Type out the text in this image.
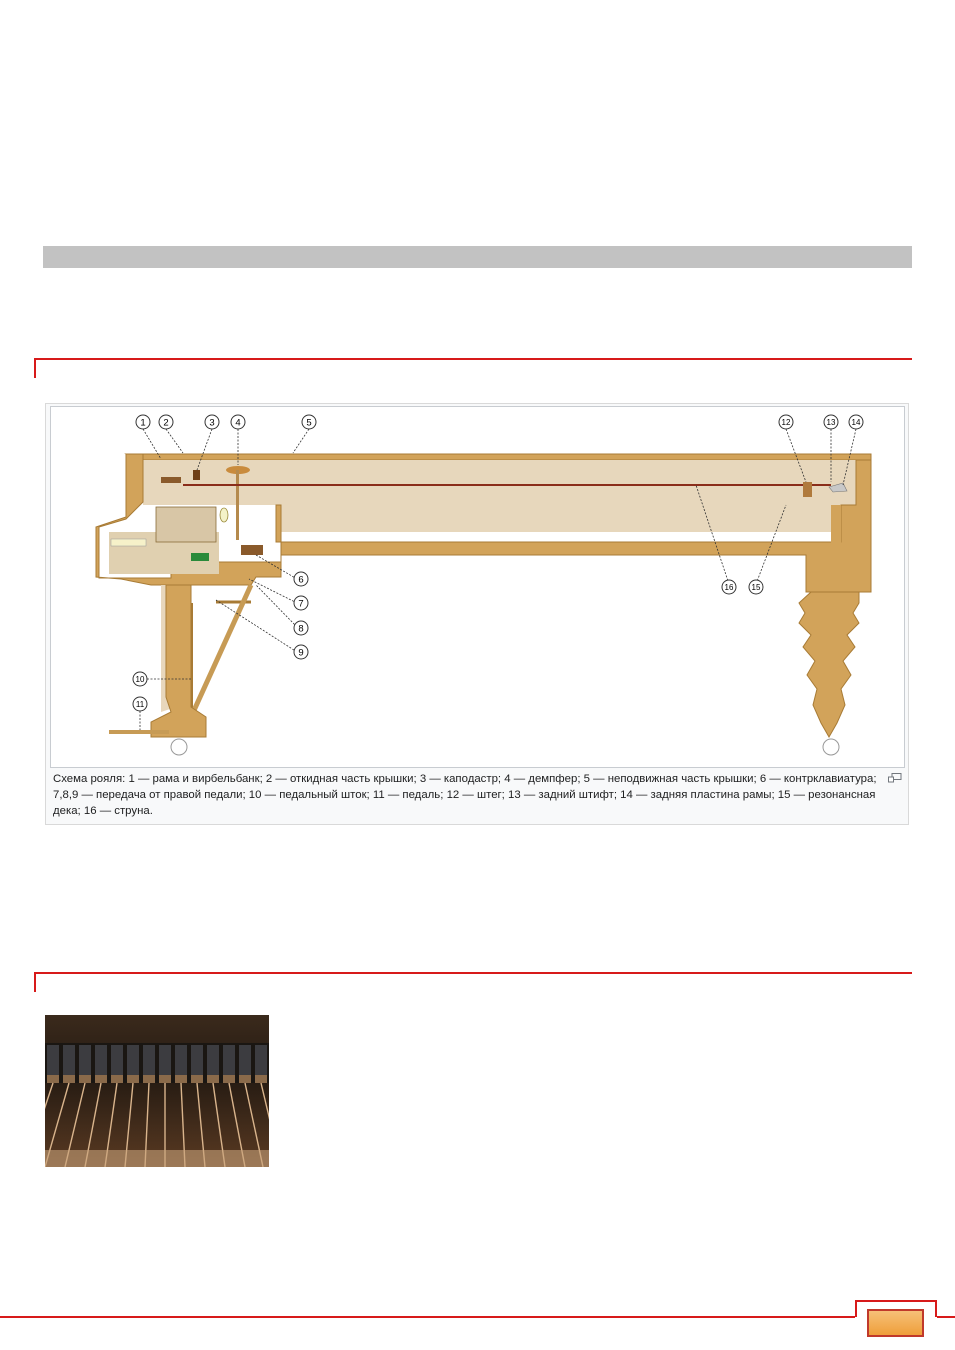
1 2	3 4	5
6
7
8
9
10
11
12	13 14
15
16
Схема рояля: 1 — рама и вирбельбанк; 2 — откидная часть крышки; 3 — каподастр; 4 — демпфер; 5 — неподвижная часть крышки; 6 — контрклавиатура; 7,8,9 — передача от правой педали; 10 — педальный шток; 11 — педаль; 12 — штег; 13 — задний штифт; 14 — задняя пластина рамы; 15 — резонансная дека; 16 — струна.
